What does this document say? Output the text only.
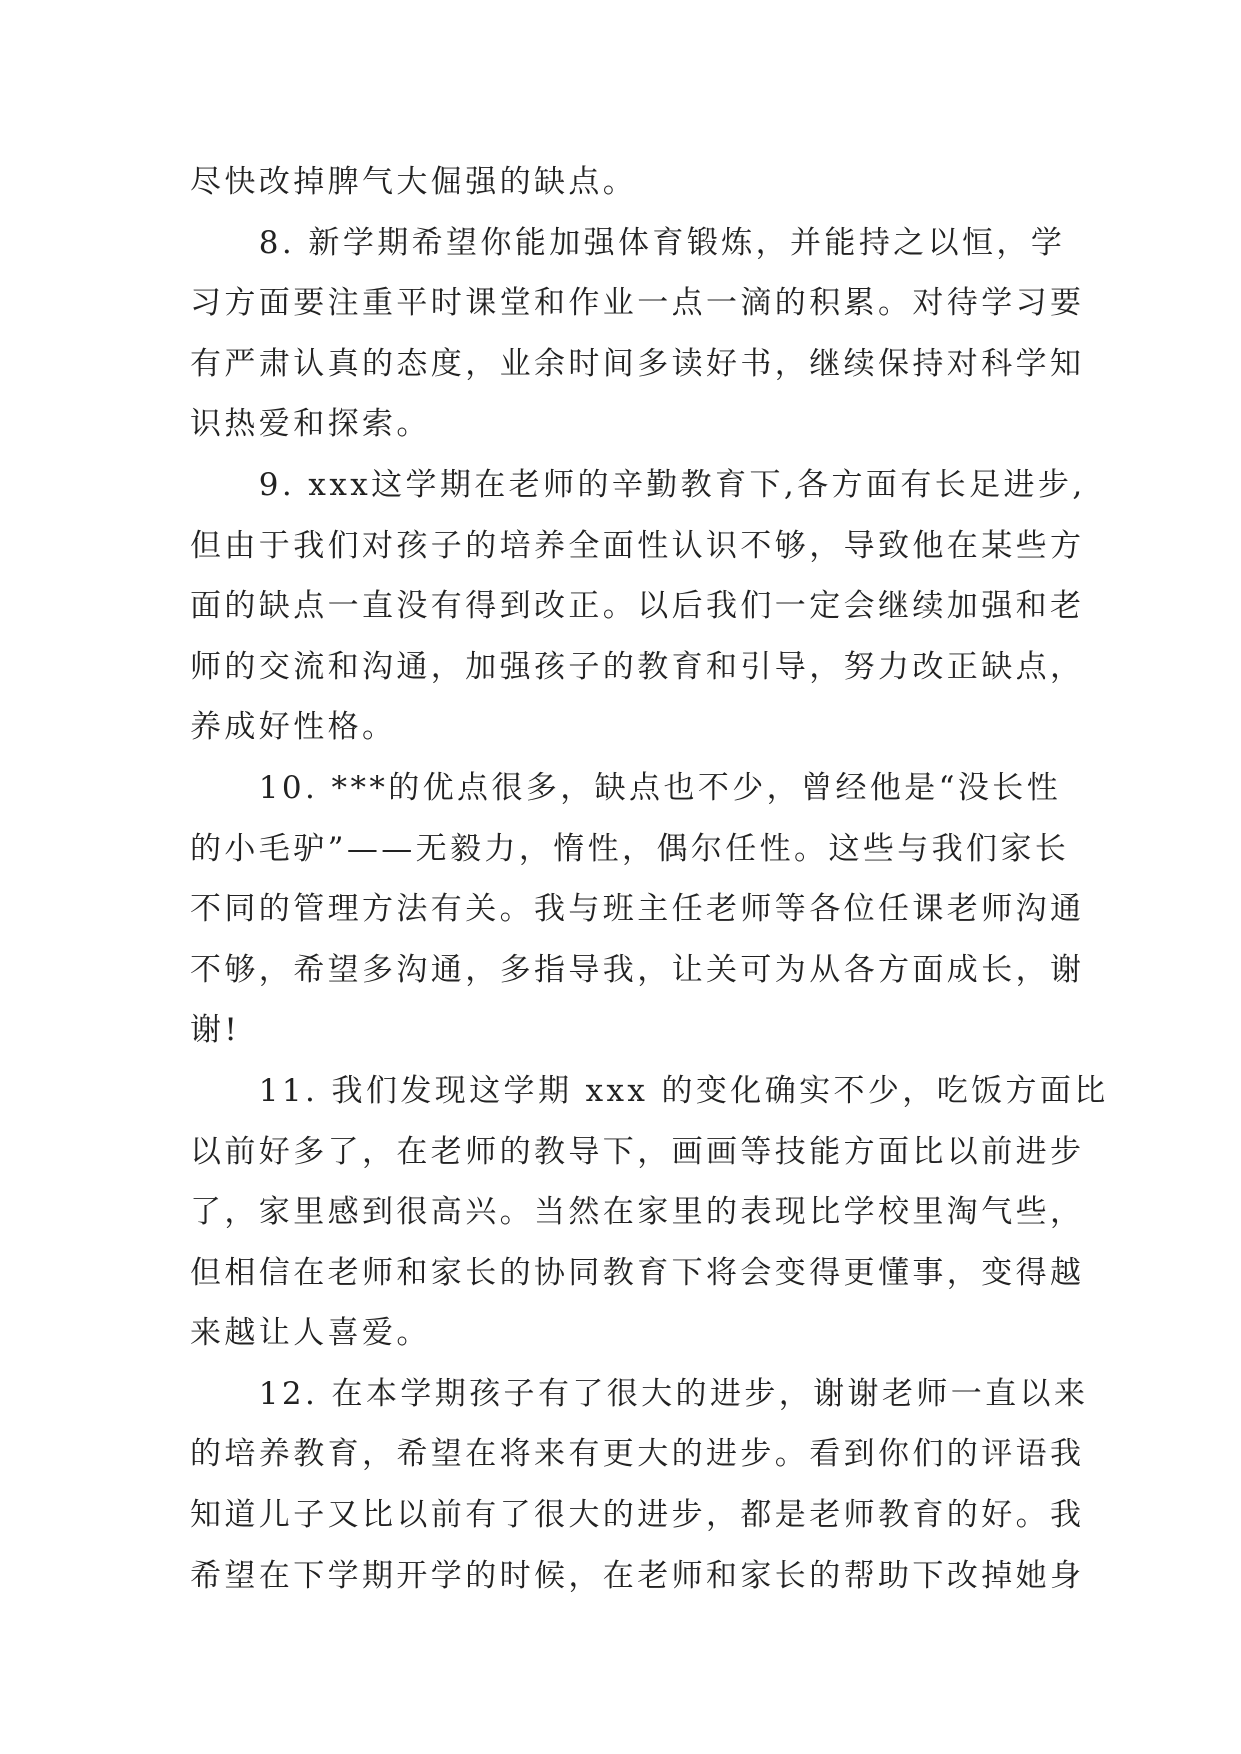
尽快改掉脾气大倔强的缺点。
　　8. 新学期希望你能加强体育锻炼，并能持之以恒，学
习方面要注重平时课堂和作业一点一滴的积累。对待学习要
有严肃认真的态度，业余时间多读好书，继续保持对科学知
识热爱和探索。
　　9. xxx这学期在老师的辛勤教育下,各方面有长足进步,
但由于我们对孩子的培养全面性认识不够，导致他在某些方
面的缺点一直没有得到改正。以后我们一定会继续加强和老
师的交流和沟通，加强孩子的教育和引导，努力改正缺点，
养成好性格。
　　10. ***的优点很多，缺点也不少，曾经他是“没长性
的小毛驴”——无毅力，惰性，偶尔任性。这些与我们家长
不同的管理方法有关。我与班主任老师等各位任课老师沟通
不够，希望多沟通，多指导我，让关可为从各方面成长，谢
谢!
　　11. 我们发现这学期 xxx 的变化确实不少，吃饭方面比
以前好多了，在老师的教导下，画画等技能方面比以前进步
了，家里感到很高兴。当然在家里的表现比学校里淘气些，
但相信在老师和家长的协同教育下将会变得更懂事，变得越
来越让人喜爱。
　　12. 在本学期孩子有了很大的进步，谢谢老师一直以来
的培养教育，希望在将来有更大的进步。看到你们的评语我
知道儿子又比以前有了很大的进步，都是老师教育的好。我
希望在下学期开学的时候，在老师和家长的帮助下改掉她身
